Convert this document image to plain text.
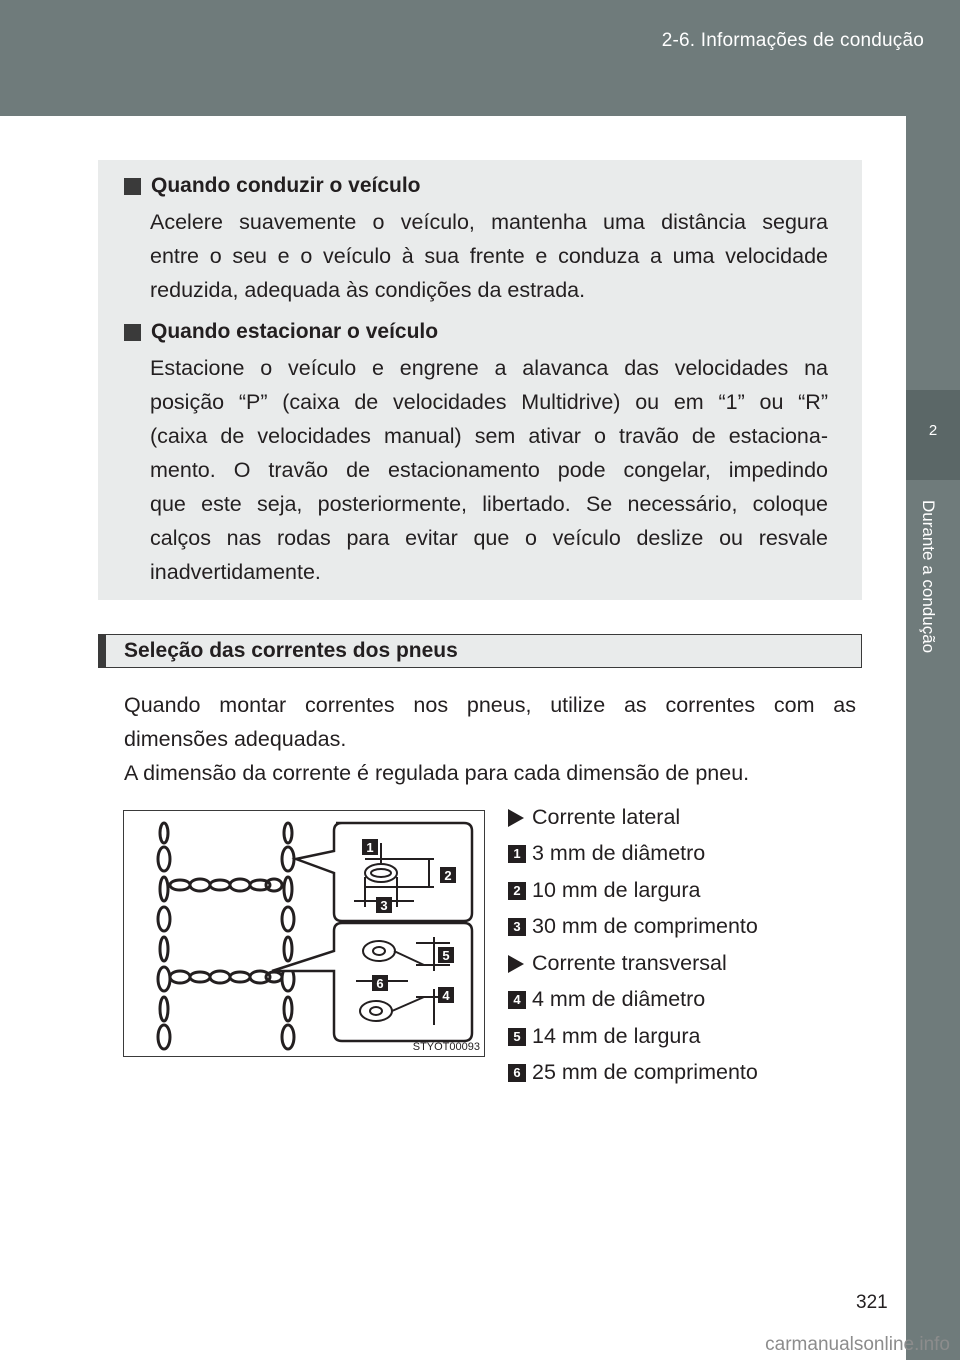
2-6. Informações de condução
2
Durante a condução
Quando conduzir o veículo
Acelere suavemente o veículo, mantenha uma distância segura
entre o seu e o veículo à sua frente e conduza a uma velocidade
reduzida, adequada às condições da estrada.
Quando estacionar o veículo
Estacione o veículo e engrene a alavanca das velocidades na
posição “P” (caixa de velocidades Multidrive) ou em “1” ou “R”
(caixa de velocidades manual) sem ativar o travão de estaciona-
mento. O travão de estacionamento pode congelar, impedindo
que este seja, posteriormente, libertado. Se necessário, coloque
calços nas rodas para evitar que o veículo deslize ou resvale
inadvertidamente.
Seleção das correntes dos pneus
Quando montar correntes nos pneus, utilize as correntes com as
dimensões adequadas.
A dimensão da corrente é regulada para cada dimensão de pneu.
1
2
3
4
5
6
STYOT00093
Corrente lateral
1 3 mm de diâmetro
2 10 mm de largura
3 30 mm de comprimento
Corrente transversal
4 4 mm de diâmetro
5 14 mm de largura
6 25 mm de comprimento
321
carmanualsonline.info
